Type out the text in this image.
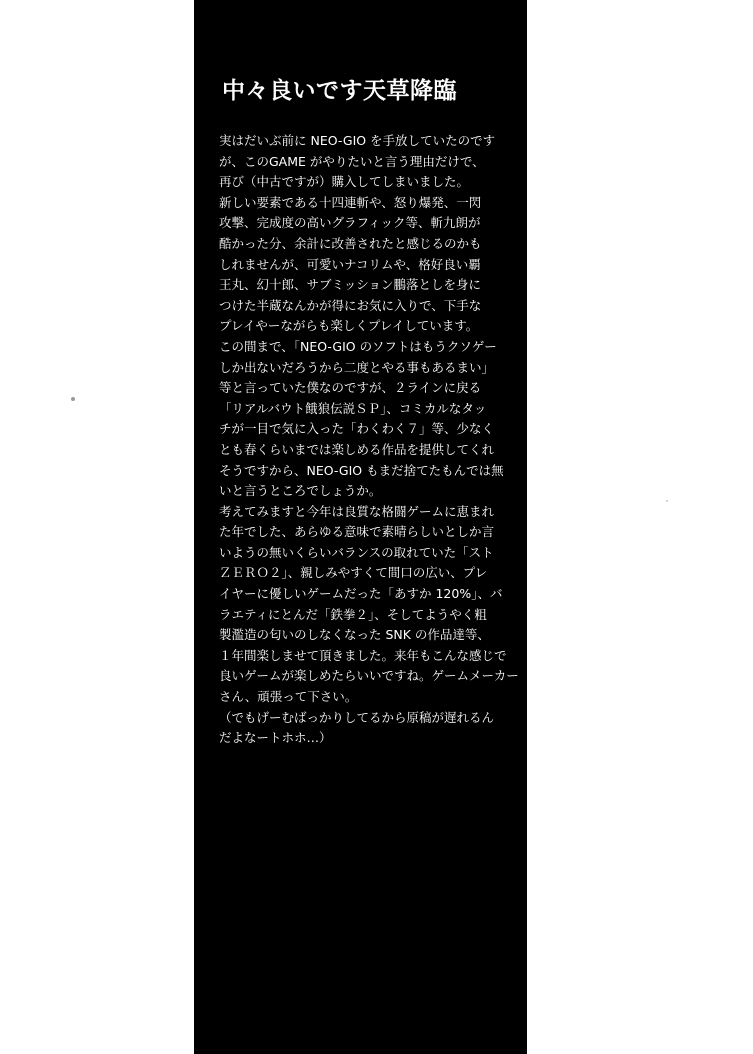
中々良いです天草降臨
実はだいぶ前に NEO-GIO を手放していたのです
が、このGAME がやりたいと言う理由だけで、
再び（中古ですが）購入してしまいました。
新しい要素である十四連斬や、怒り爆発、一閃
攻撃、完成度の高いグラフィック等、斬九朗が
酷かった分、余計に改善されたと感じるのかも
しれませんが、可愛いナコリムや、格好良い覇
王丸、幻十郎、サブミッション鵬落としを身に
つけた半蔵なんかが得にお気に入りで、下手な
プレイやーながらも楽しくプレイしています。
この間まで、「NEO-GIO のソフトはもうクソゲー
しか出ないだろうから二度とやる事もあるまい」
等と言っていた僕なのですが、２ラインに戻る
「リアルバウト餓狼伝説ＳＰ」、コミカルなタッ
チが一目で気に入った「わくわく７」等、少なく
とも春くらいまでは楽しめる作品を提供してくれ
そうですから、NEO-GIO もまだ捨てたもんでは無
いと言うところでしょうか。
考えてみますと今年は良質な格闘ゲームに恵まれ
た年でした、あらゆる意味で素晴らしいとしか言
いようの無いくらいバランスの取れていた「スト
ＺＥＲＯ２」、親しみやすくて間口の広い、プレ
イヤーに優しいゲームだった「あすか 120%」、バ
ラエティにとんだ「鉄拳２」、そしてようやく粗
製濫造の匂いのしなくなった SNK の作品達等、
１年間楽しませて頂きました。来年もこんな感じで
良いゲームが楽しめたらいいですね。ゲームメーカー
さん、頑張って下さい。
（でもげーむばっかりしてるから原稿が遅れるん
だよなートホホ…）
